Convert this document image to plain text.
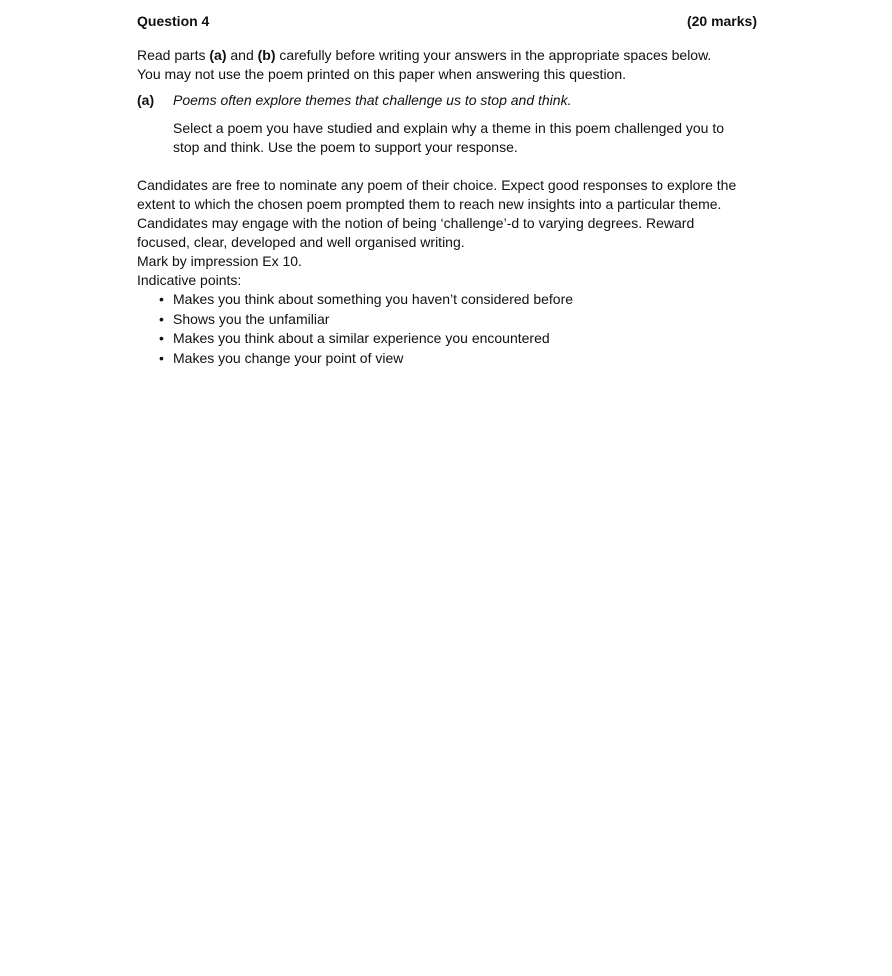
Question 4	(20 marks)

Read parts (a) and (b) carefully before writing your answers in the appropriate spaces below.

You may not use the poem printed on this paper when answering this question.

(a) Poems often explore themes that challenge us to stop and think.

Select a poem you have studied and explain why a theme in this poem challenged you to

stop and think. Use the poem to support your response.

Candidates are free to nominate any poem of their choice. Expect good responses to explore the

extent to which the chosen poem prompted them to reach new insights into a particular theme.

Candidates may engage with the notion of being ‘challenge’-d to varying degrees. Reward

focused, clear, developed and well organised writing.

Mark by impression Ex 10.

Indicative points:

• Makes you think about something you haven’t considered before
• Shows you the unfamiliar
• Makes you think about a similar experience you encountered
• Makes you change your point of view
